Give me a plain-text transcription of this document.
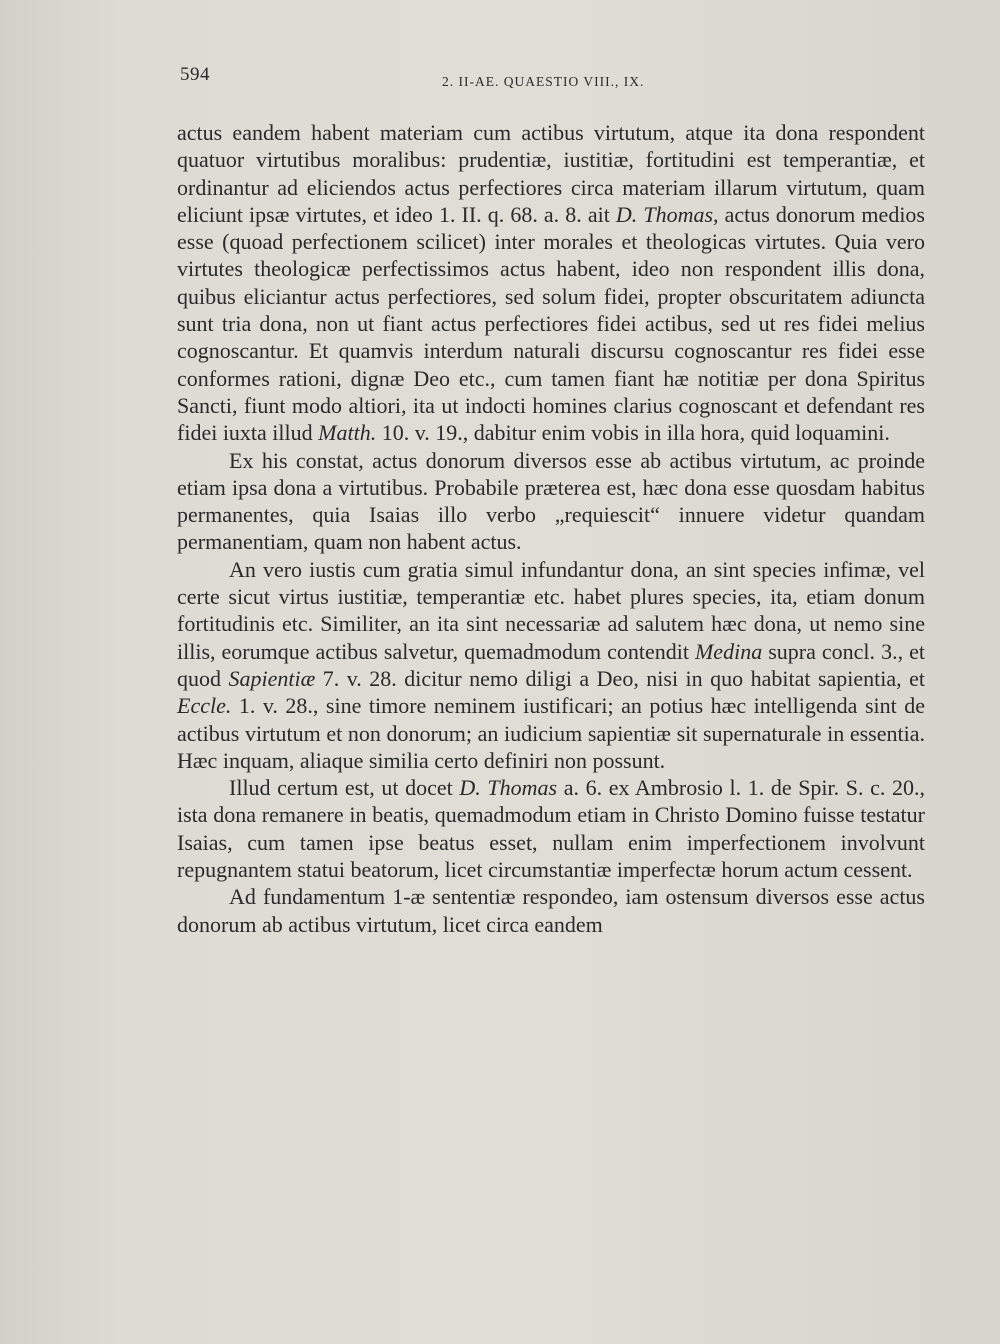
594	2. II-AE. QUAESTIO VIII., IX.

actus eandem habent materiam cum actibus virtutum, atque ita dona respondent quatuor virtutibus moralibus: prudentiæ, iustitiæ, fortitudini est temperantiæ, et ordinantur ad eliciendos actus perfectiores circa materiam illarum virtutum, quam eliciunt ipsæ virtutes, et ideo 1. II. q. 68. a. 8. ait D. Thomas, actus donorum medios esse (quoad perfectionem scilicet) inter morales et theologicas virtutes. Quia vero virtutes theologicæ perfectissimos actus habent, ideo non respondent illis dona, quibus eliciantur actus perfectiores, sed solum fidei, propter obscuritatem adiuncta sunt tria dona, non ut fiant actus perfectiores fidei actibus, sed ut res fidei melius cognoscantur. Et quamvis interdum naturali discursu cognoscantur res fidei esse conformes rationi, dignæ Deo etc., cum tamen fiant hæ notitiæ per dona Spiritus Sancti, fiunt modo altiori, ita ut indocti homines clarius cognoscant et defendant res fidei iuxta illud Matth. 10. v. 19., dabitur enim vobis in illa hora, quid loquamini.

Ex his constat, actus donorum diversos esse ab actibus virtutum, ac proinde etiam ipsa dona a virtutibus. Probabile præterea est, hæc dona esse quosdam habitus permanentes, quia Isaias illo verbo „requiescit“ innuere videtur quandam permanentiam, quam non habent actus.

An vero iustis cum gratia simul infundantur dona, an sint species infimæ, vel certe sicut virtus iustitiæ, temperantiæ etc. habet plures species, ita, etiam donum fortitudinis etc. Similiter, an ita sint necessariæ ad salutem hæc dona, ut nemo sine illis, eorumque actibus salvetur, quemadmodum contendit Medina supra concl. 3., et quod Sapientiæ 7. v. 28. dicitur nemo diligi a Deo, nisi in quo habitat sapientia, et Eccle. 1. v. 28., sine timore neminem iustificari; an potius hæc intelligenda sint de actibus virtutum et non donorum; an iudicium sapientiæ sit supernaturale in essentia. Hæc inquam, aliaque similia certo definiri non possunt.

Illud certum est, ut docet D. Thomas a. 6. ex Ambrosio l. 1. de Spir. S. c. 20., ista dona remanere in beatis, quemadmodum etiam in Christo Domino fuisse testatur Isaias, cum tamen ipse beatus esset, nullam enim imperfectionem involvunt repugnantem statui beatorum, licet circumstantiæ imperfectæ horum actum cessent.

Ad fundamentum 1-æ sententiæ respondeo, iam ostensum diversos esse actus donorum ab actibus virtutum, licet circa eandem
